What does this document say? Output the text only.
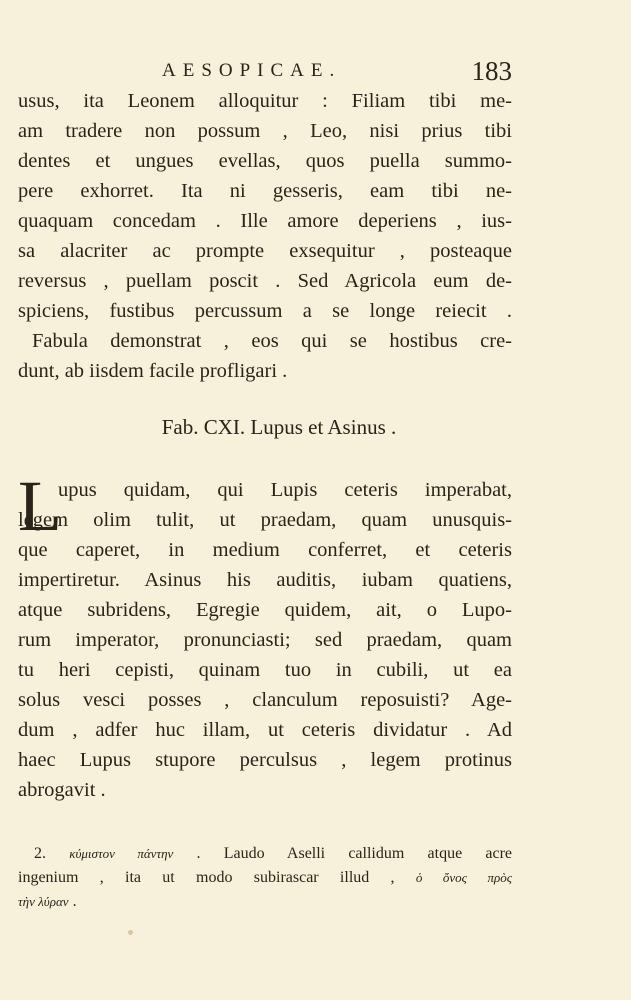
AESOPICAE.	183
usus, ita Leonem alloquitur : Filiam tibi me-
am tradere non possum , Leo, nisi prius tibi
dentes et ungues evellas, quos puella summo-
pere exhorret. Ita ni gesseris, eam tibi ne-
quaquam concedam . Ille amore deperiens , ius-
sa alacriter ac prompte exsequitur , posteaque
reversus , puellam poscit . Sed Agricola eum de-
spiciens, fustibus percussum a se longe reiecit .
Fabula demonstrat , eos qui se hostibus cre-
dunt, ab iisdem facile profligari .
Fab. CXI. Lupus et Asinus .
L
upus quidam, qui Lupis ceteris imperabat,
legem olim tulit, ut praedam, quam unusquis-
que caperet, in medium conferret, et ceteris
impertiretur. Asinus his auditis, iubam quatiens,
atque subridens, Egregie quidem, ait, o Lupo-
rum imperator, pronunciasti; sed praedam, quam
tu heri cepisti, quinam tuo in cubili, ut ea
solus vesci posses , clanculum reposuisti? Age-
dum , adfer huc illam, ut ceteris dividatur . Ad
haec Lupus stupore perculsus , legem protinus
abrogavit .
2. κύμιστον πάντην . Laudo Aselli callidum atque acre
ingenium , ita ut modo subirascar illud , ὁ ὄνος πρὸς
τὴν λύραν .
